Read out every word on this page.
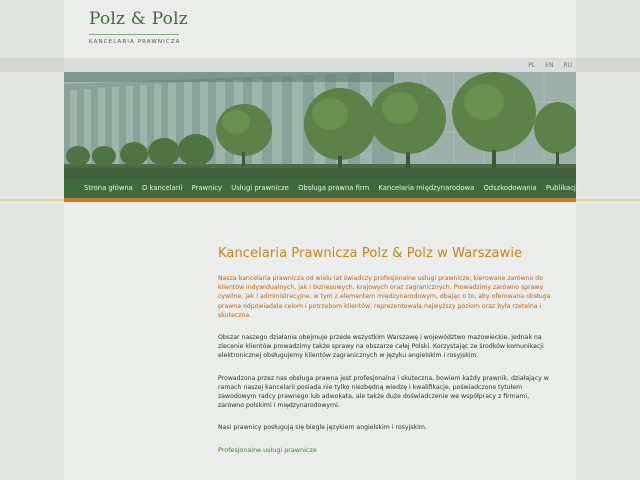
Polz & Polz
KANCELARIA PRAWNICZA
PL EN RU
Strona główna	O kancelarii	Prawnicy	Usługi prawnicze	Obsługa prawna firm	Kancelaria międzynarodowa	Odszkodowania	Publikacje
Kancelaria Prawnicza Polz & Polz w Warszawie

Nasza kancelaria prawnicza od wielu lat świadczy profesjonalne usługi prawnicze, kierowane zarówno do klientów indywidualnych, jak i biznesowych, krajowych oraz zagranicznych. Prowadzimy zarówno sprawy cywilne, jak i administracyjne, w tym z elementem międzynarodowym, dbając o to, aby oferowana obsługa prawna odpowiadała celom i potrzebom klientów, reprezentowała najwyższy poziom oraz była rzetelna i skuteczna.

Obszar naszego działania obejmuje przede wszystkim Warszawę i województwo mazowieckie, jednak na zlecenie klientów prowadzimy także sprawy na obszarze całej Polski. Korzystając ze środków komunikacji elektronicznej obsługujemy klientów zagranicznych w języku angielskim i rosyjskim.

Prowadzona przez nas obsługa prawna jest profesjonalna i skuteczna, bowiem każdy prawnik, działający w ramach naszej kancelarii posiada nie tylko niezbędną wiedzę i kwalifikacje, poświadczone tytułem zawodowym radcy prawnego lub adwokata, ale także duże doświadczenie we współpracy z firmami, zarówno polskimi i międzynarodowymi.

Nasi prawnicy posługują się biegle językiem angielskim i rosyjskim.

Profesjonalne usługi prawnicze
